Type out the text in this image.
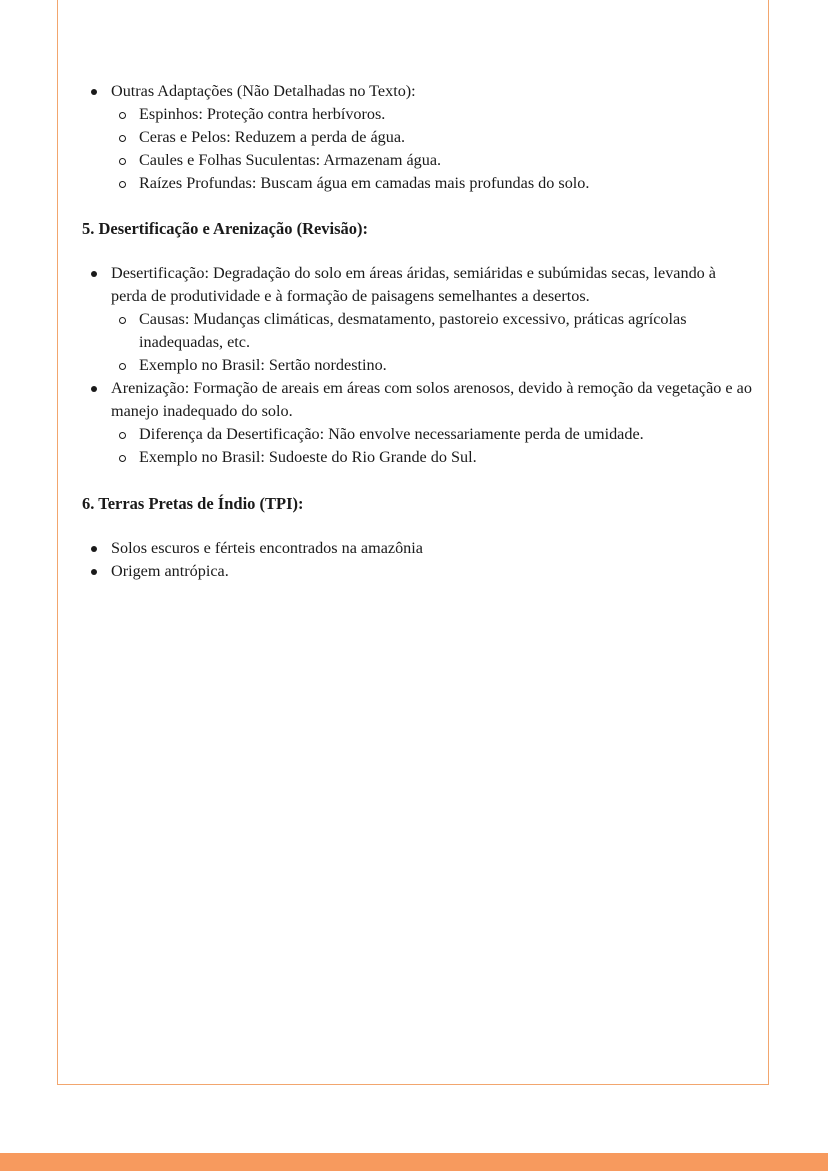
Outras Adaptações (Não Detalhadas no Texto):
Espinhos: Proteção contra herbívoros.
Ceras e Pelos: Reduzem a perda de água.
Caules e Folhas Suculentas: Armazenam água.
Raízes Profundas: Buscam água em camadas mais profundas do solo.
5. Desertificação e Arenização (Revisão):
Desertificação: Degradação do solo em áreas áridas, semiáridas e subúmidas secas, levando à perda de produtividade e à formação de paisagens semelhantes a desertos.
Causas: Mudanças climáticas, desmatamento, pastoreio excessivo, práticas agrícolas inadequadas, etc.
Exemplo no Brasil: Sertão nordestino.
Arenização: Formação de areais em áreas com solos arenosos, devido à remoção da vegetação e ao manejo inadequado do solo.
Diferença da Desertificação: Não envolve necessariamente perda de umidade.
Exemplo no Brasil: Sudoeste do Rio Grande do Sul.
6. Terras Pretas de Índio (TPI):
Solos escuros e férteis encontrados na amazônia
Origem antrópica.
